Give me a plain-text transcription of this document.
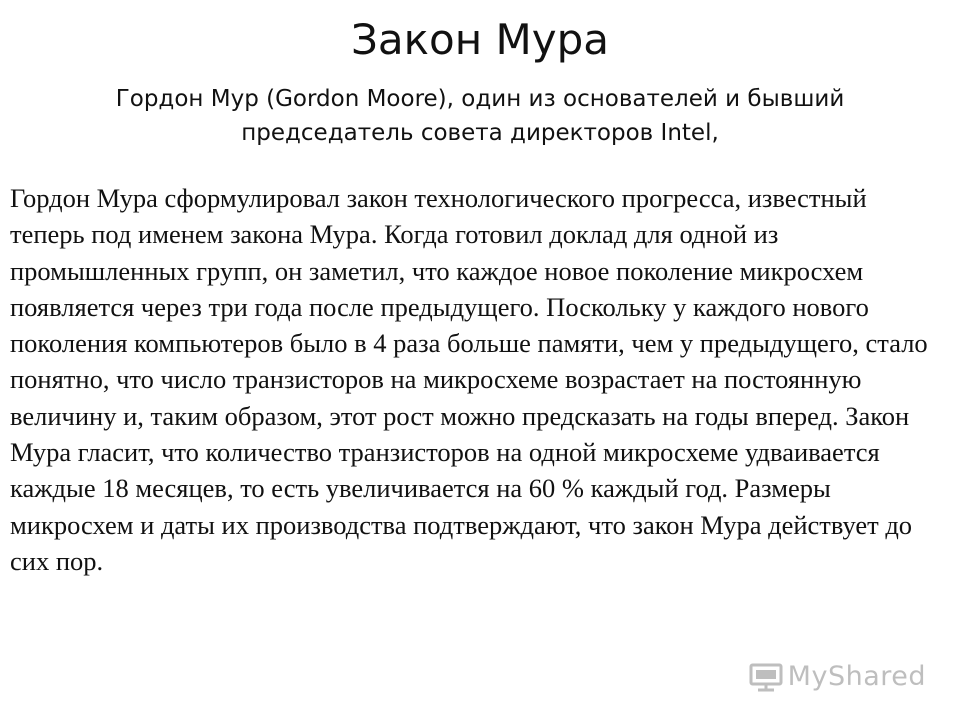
Закон Мура

Гордон Мур (Gordon Moore), один из основателей и бывший председатель совета директоров Intel,

Гордон Мура сформулировал закон технологического прогресса, известный теперь под именем закона Мура. Когда готовил доклад для одной из промышленных групп, он заметил, что каждое новое поколение микросхем появляется через три года после предыдущего. Поскольку у каждого нового поколения компьютеров было в 4 раза больше памяти, чем у предыдущего, стало понятно, что число транзисторов на микросхеме возрастает на постоянную величину и, таким образом, этот рост можно предсказать на годы вперед. Закон Мура гласит, что количество транзисторов на одной микросхеме удваивается каждые 18 месяцев, то есть увеличивается на 60 % каждый год. Размеры микросхем и даты их производства подтверждают, что закон Мура действует до сих пор.

MyShared
